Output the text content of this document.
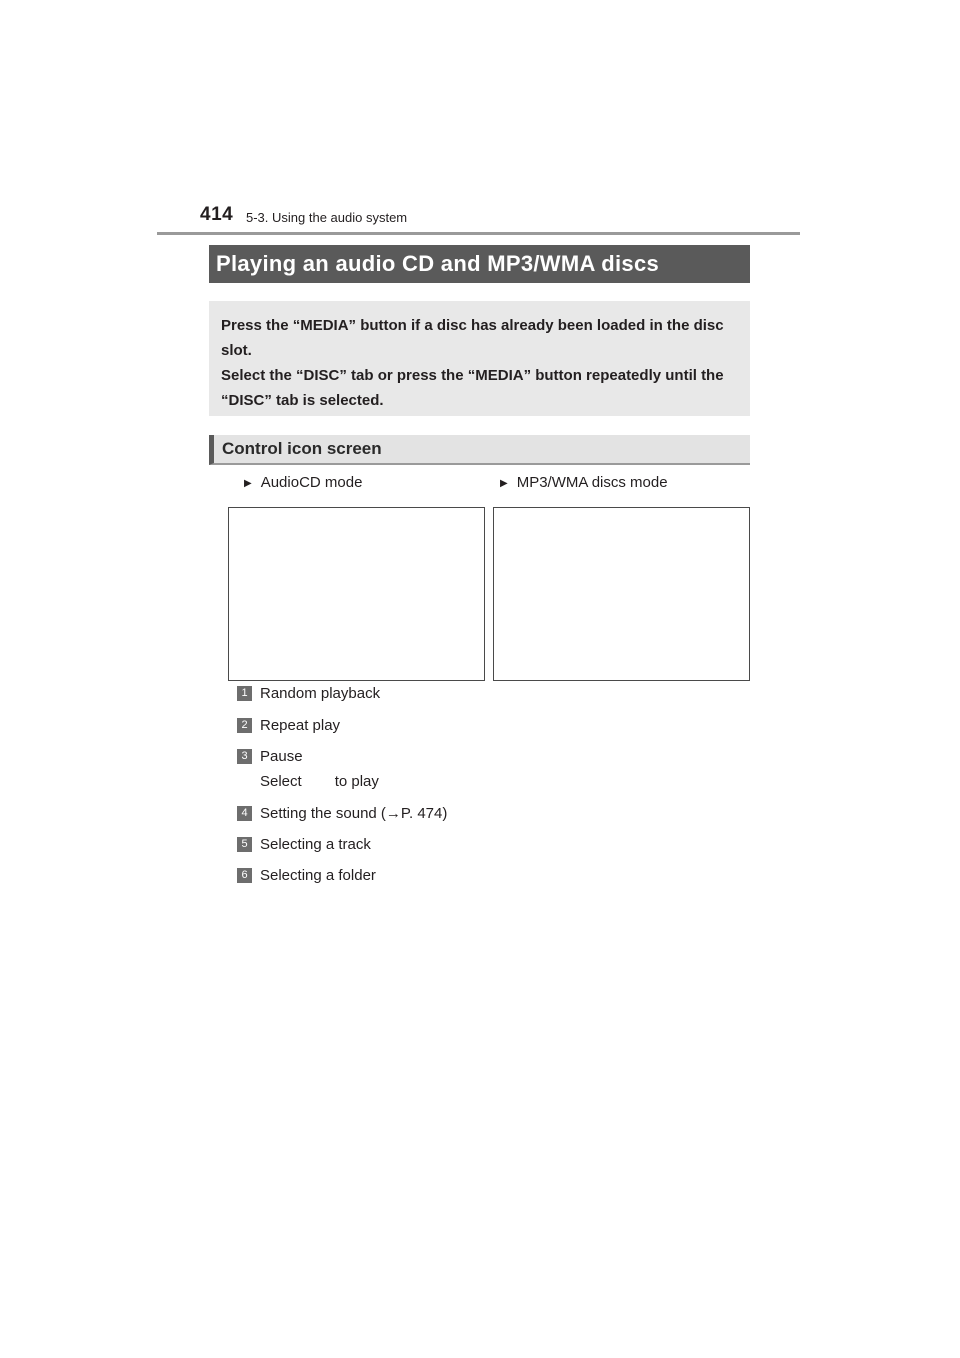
414 5-3. Using the audio system
Playing an audio CD and MP3/WMA discs

Press the “MEDIA” button if a disc has already been loaded in the disc slot.

Select the “DISC” tab or press the “MEDIA” button repeatedly until the “DISC” tab is selected.

Control icon screen
▶ AudioCD mode	▶ MP3/WMA discs mode
1 Random playback
2 Repeat play
3 Pause
Select to play
4 Setting the sound (→P. 474)
5 Selecting a track
6 Selecting a folder
